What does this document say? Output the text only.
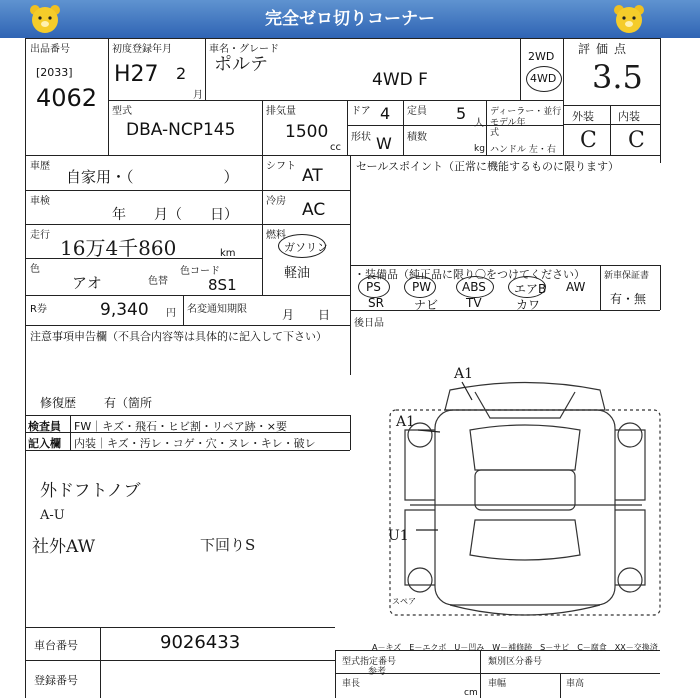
完全ゼロ切りコーナー
出品番号
[2033]
4062
初度登録年月
H27 2
月
車名・グレード
ポルテ
4WD F
2WD
4WD
評価点
3.5
外装 内装
C C
型式
DBA-NCP145
排気量
1500
cc
ドア 4 定員 5
人
形状 W 積数
kg
ディーラー・並行
モデル年式
ハンドル 左・右
車歴
自家用・（　　　　　　）
シフト AT	セールスポイント（正常に機能するものに限ります）
車検
年　　月（　　日）
冷房 AC
走行
16万4千860	km
燃料
ガソリン
軽油
色
アオ	色替
色コード
8S1
・装備品（純正品に限り〇をつけてください）
PS	PW	ABS エアB AW
SR	ナビ TV	カワ
新車保証書
有・無
R券	9,340 円 名変通知期限	月　　日
後日品
注意事項申告欄（不具合内容等は具体的に記入して下さい）
修復歴 有（箇所
検査員
記入欄
FW｜キズ・飛石・ヒビ割・リペア跡・×要
内装｜キズ・汚レ・コゲ・穴・ヌレ・キレ・破レ
外ドフトノブ
A-U
社外AW	下回りS
A1
A1
U1
スペア
A－キズ　E－エクボ　U－凹み　W－補修跡　S－サビ　C－腐食　XX－交換済
車台番号	9026433
登録番号
型式指定番号	類別区分番号
車長	車幅	車高
参考
cm
